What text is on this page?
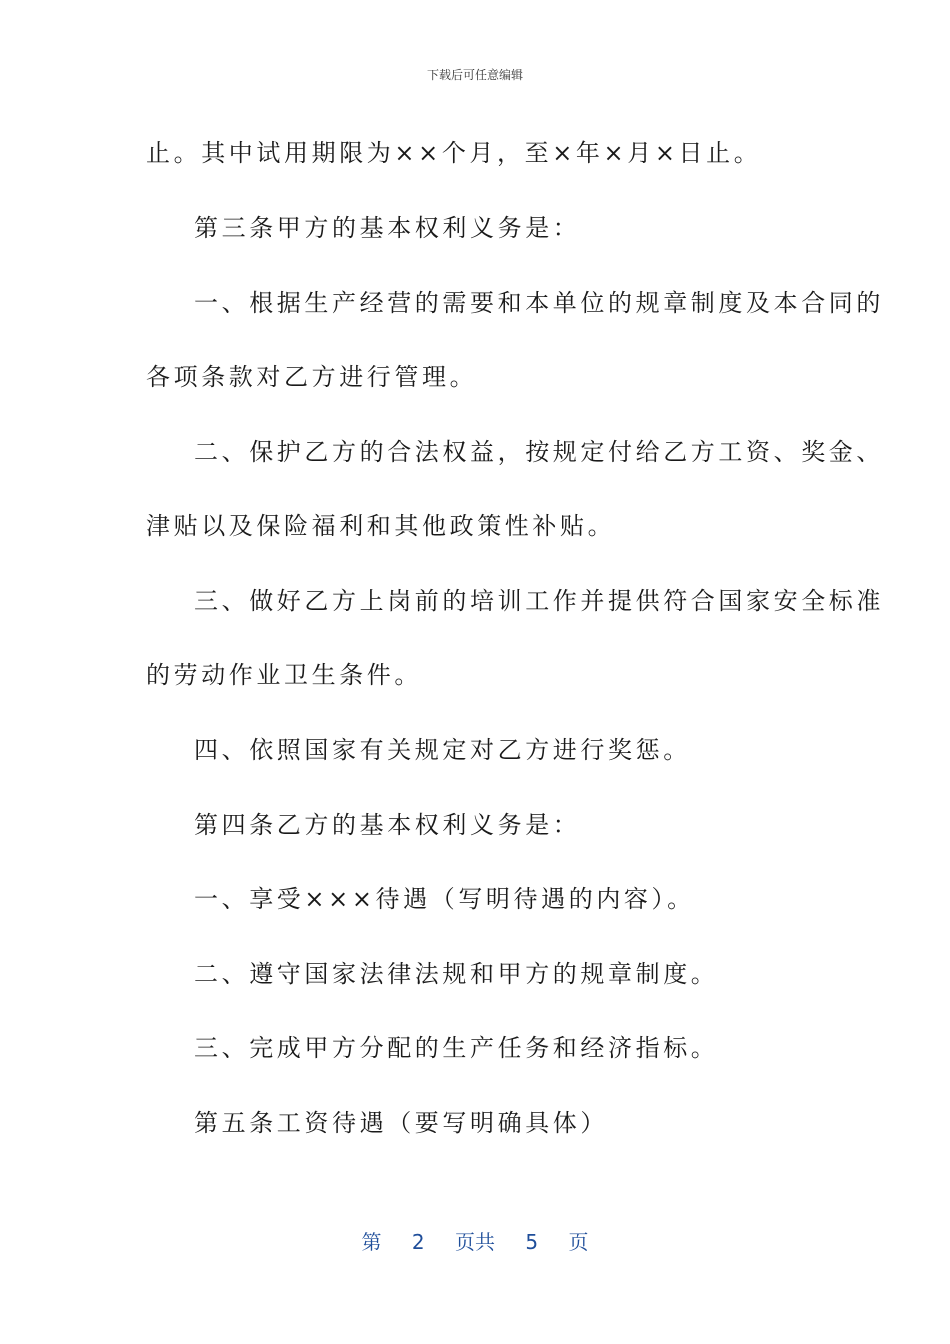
下载后可任意编辑
止。其中试用期限为××个月，至×年×月×日止。
第三条甲方的基本权利义务是：
一、根据生产经营的需要和本单位的规章制度及本合同的
各项条款对乙方进行管理。
二、保护乙方的合法权益，按规定付给乙方工资、奖金、
津贴以及保险福利和其他政策性补贴。
三、做好乙方上岗前的培训工作并提供符合国家安全标准
的劳动作业卫生条件。
四、依照国家有关规定对乙方进行奖惩。
第四条乙方的基本权利义务是：
一、享受×××待遇（写明待遇的内容）。
二、遵守国家法律法规和甲方的规章制度。
三、完成甲方分配的生产任务和经济指标。
第五条工资待遇（要写明确具体）
第 2 页共 5 页
